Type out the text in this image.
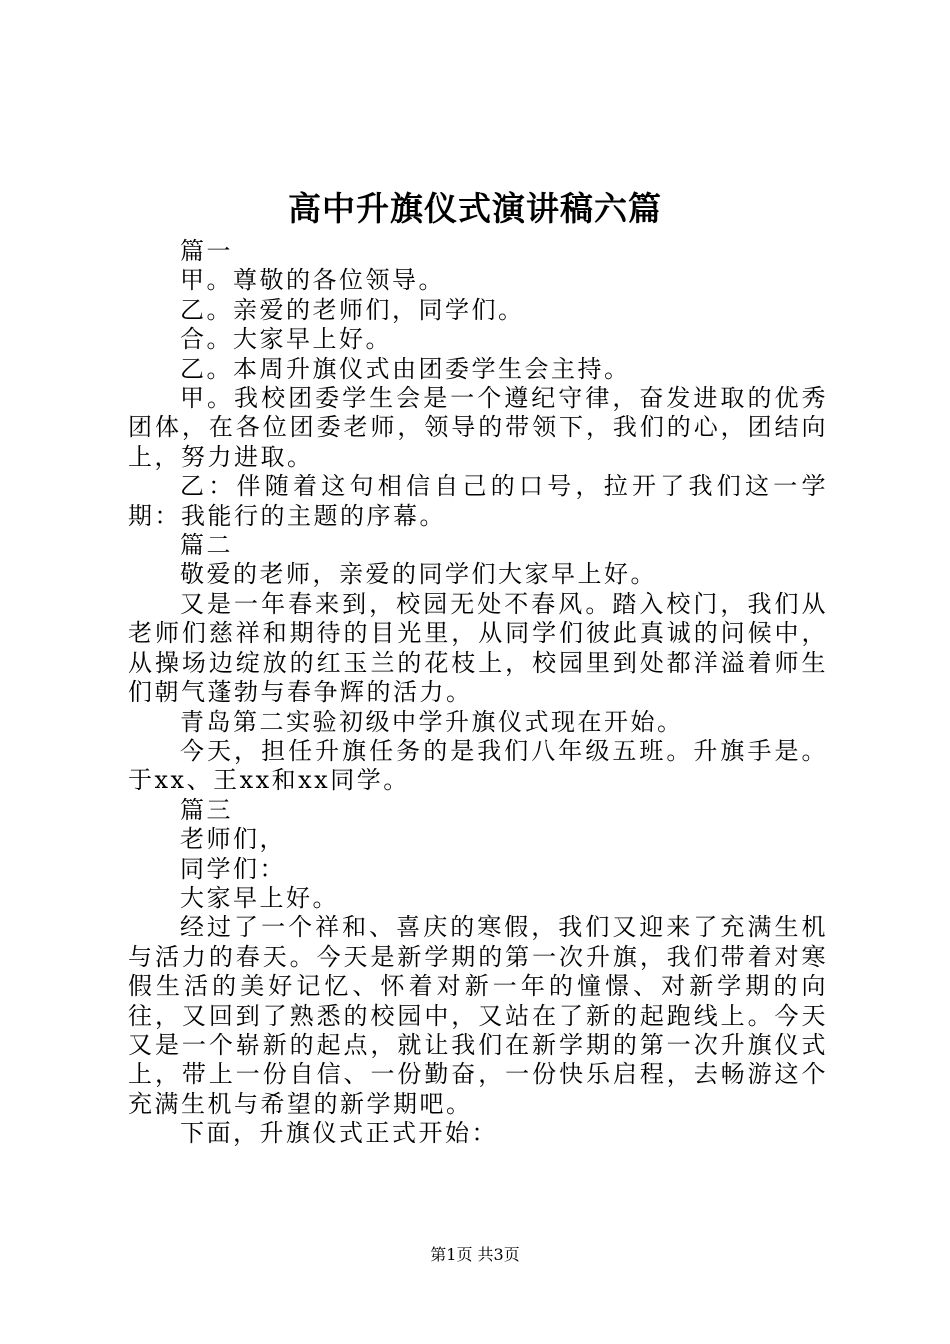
高中升旗仪式演讲稿六篇

篇一

甲。尊敬的各位领导。

乙。亲爱的老师们，同学们。

合。大家早上好。

乙。本周升旗仪式由团委学生会主持。

甲。我校团委学生会是一个遵纪守律，奋发进取的优秀团体，在各位团委老师，领导的带领下，我们的心，团结向上，努力进取。

乙：伴随着这句相信自己的口号，拉开了我们这一学期：我能行的主题的序幕。

篇二

敬爱的老师，亲爱的同学们大家早上好。

又是一年春来到，校园无处不春风。踏入校门，我们从老师们慈祥和期待的目光里，从同学们彼此真诚的问候中，从操场边绽放的红玉兰的花枝上，校园里到处都洋溢着师生们朝气蓬勃与春争辉的活力。

青岛第二实验初级中学升旗仪式现在开始。

今天，担任升旗任务的是我们八年级五班。升旗手是。于xx、王xx和xx同学。

篇三

老师们，

同学们：

大家早上好。

经过了一个祥和、喜庆的寒假，我们又迎来了充满生机与活力的春天。今天是新学期的第一次升旗，我们带着对寒假生活的美好记忆、怀着对新一年的憧憬、对新学期的向往，又回到了熟悉的校园中，又站在了新的起跑线上。今天又是一个崭新的起点，就让我们在新学期的第一次升旗仪式上，带上一份自信、一份勤奋，一份快乐启程，去畅游这个充满生机与希望的新学期吧。

下面，升旗仪式正式开始：

第1页 共3页
